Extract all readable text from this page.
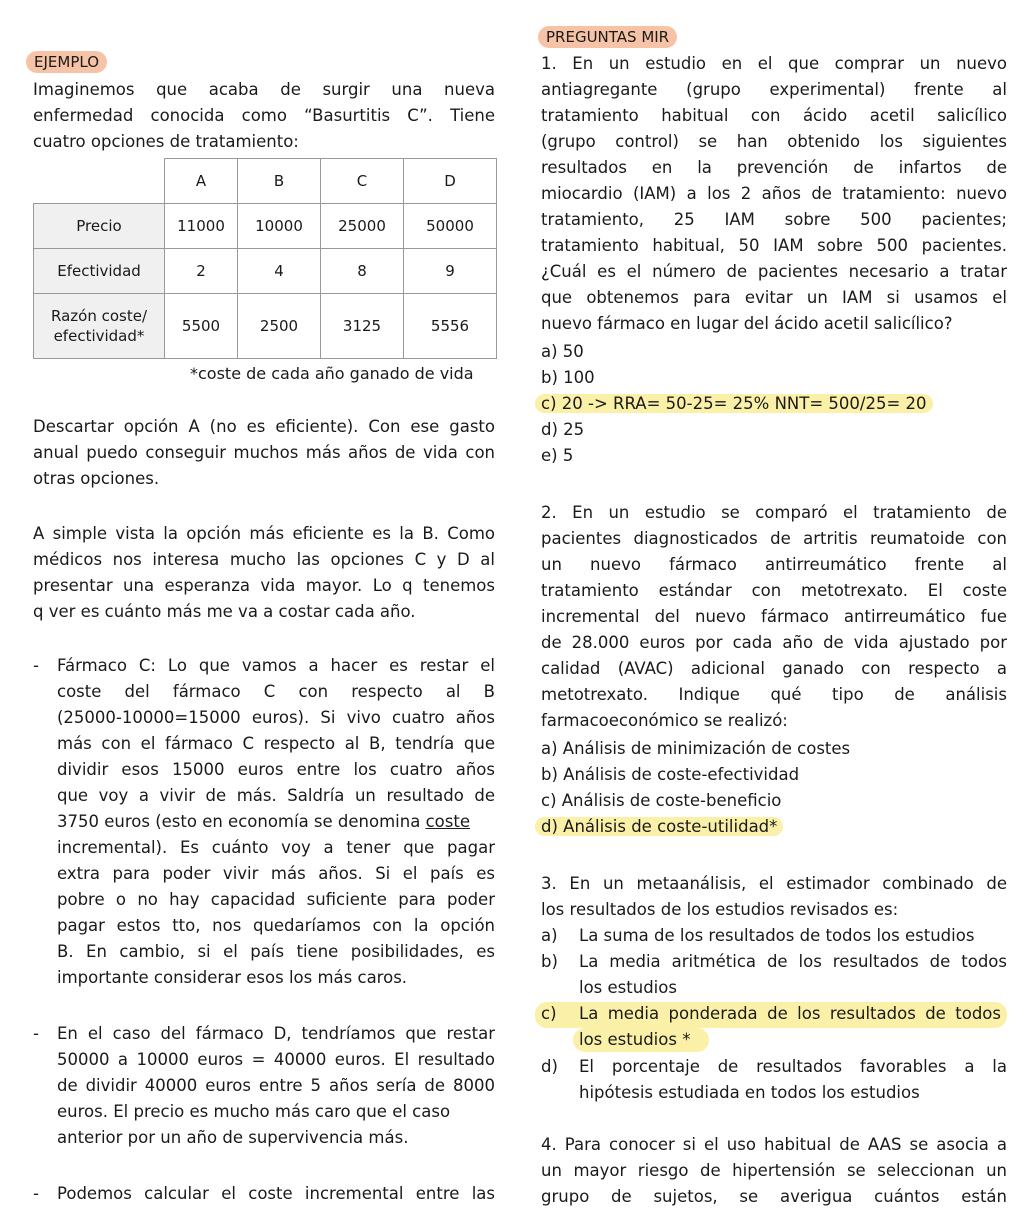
EJEMPLO
Imaginemos que acaba de surgir una nueva
enfermedad conocida como “Basurtitis C”. Tiene
cuatro opciones de tratamiento:
	A	B	C	D
Precio	11000	10000	25000	50000
Efectividad	2	4	8	9
Razón coste/ efectividad*	5500	2500	3125	5556
*coste de cada año ganado de vida
Descartar opción A (no es eficiente). Con ese gasto
anual puedo conseguir muchos más años de vida con
otras opciones.
A simple vista la opción más eficiente es la B. Como
médicos nos interesa mucho las opciones C y D al
presentar una esperanza vida mayor. Lo q tenemos
q ver es cuánto más me va a costar cada año.
-	Fármaco C: Lo que vamos a hacer es restar el
coste del fármaco C con respecto al B
(25000-10000=15000 euros). Si vivo cuatro años
más con el fármaco C respecto al B, tendría que
dividir esos 15000 euros entre los cuatro años
que voy a vivir de más. Saldría un resultado de
3750 euros (esto en economía se denomina coste
incremental). Es cuánto voy a tener que pagar
extra para poder vivir más años. Si el país es
pobre o no hay capacidad suficiente para poder
pagar estos tto, nos quedaríamos con la opción
B. En cambio, si el país tiene posibilidades, es
importante considerar esos los más caros.
-	En el caso del fármaco D, tendríamos que restar
50000 a 10000 euros = 40000 euros. El resultado
de dividir 40000 euros entre 5 años sería de 8000
euros. El precio es mucho más caro que el caso
anterior por un año de supervivencia más.
-	Podemos calcular el coste incremental entre las
PREGUNTAS MIR
1. En un estudio en el que comprar un nuevo
antiagregante (grupo experimental) frente al
tratamiento habitual con ácido acetil salicílico
(grupo control) se han obtenido los siguientes
resultados en la prevención de infartos de
miocardio (IAM) a los 2 años de tratamiento: nuevo
tratamiento, 25 IAM sobre 500 pacientes;
tratamiento habitual, 50 IAM sobre 500 pacientes.
¿Cuál es el número de pacientes necesario a tratar
que obtenemos para evitar un IAM si usamos el
nuevo fármaco en lugar del ácido acetil salicílico?
a) 50
b) 100
c) 20 -> RRA= 50-25= 25% NNT= 500/25= 20
d) 25
e) 5
2. En un estudio se comparó el tratamiento de
pacientes diagnosticados de artritis reumatoide con
un nuevo fármaco antirreumático frente al
tratamiento estándar con metotrexato. El coste
incremental del nuevo fármaco antirreumático fue
de 28.000 euros por cada año de vida ajustado por
calidad (AVAC) adicional ganado con respecto a
metotrexato. Indique qué tipo de análisis
farmacoeconómico se realizó:
a) Análisis de minimización de costes
b) Análisis de coste-efectividad
c) Análisis de coste-beneficio
d) Análisis de coste-utilidad*
3. En un metaanálisis, el estimador combinado de
los resultados de los estudios revisados es:
a) La suma de los resultados de todos los estudios
b) La media aritmética de los resultados de todos
los estudios
c) La media ponderada de los resultados de todos
los estudios *
d) El porcentaje de resultados favorables a la
hipótesis estudiada en todos los estudios
4. Para conocer si el uso habitual de AAS se asocia a
un mayor riesgo de hipertensión se seleccionan un
grupo de sujetos, se averigua cuántos están
